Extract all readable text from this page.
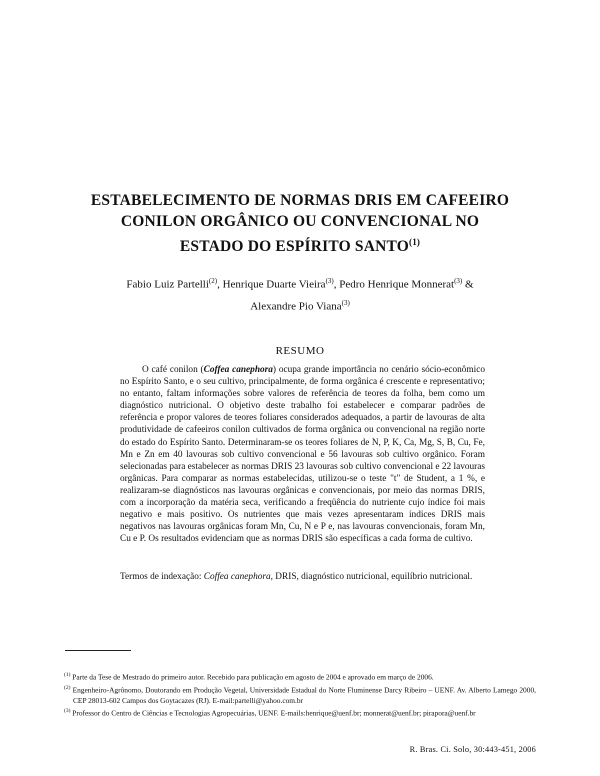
ESTABELECIMENTO DE NORMAS DRIS EM CAFEEIRO
CONILON ORGÂNICO OU CONVENCIONAL NO
ESTADO DO ESPÍRITO SANTO$^{(1)}$
Fabio Luiz Partelli$^{(2)}$, Henrique Duarte Vieira$^{(3)}$, Pedro Henrique Monnerat$^{(3)}$ & Alexandre Pio Viana$^{(3)}$
RESUMO

O café conilon (Coffea canephora) ocupa grande importância no cenário sócio-econômico no Espírito Santo, e o seu cultivo, principalmente, de forma orgânica é crescente e representativo; no entanto, faltam informações sobre valores de referência de teores da folha, bem como um diagnóstico nutricional. O objetivo deste trabalho foi estabelecer e comparar padrões de referência e propor valores de teores foliares considerados adequados, a partir de lavouras de alta produtividade de cafeeiros conilon cultivados de forma orgânica ou convencional na região norte do estado do Espírito Santo. Determinaram-se os teores foliares de N, P, K, Ca, Mg, S, B, Cu, Fe, Mn e Zn em 40 lavouras sob cultivo convencional e 56 lavouras sob cultivo orgânico. Foram selecionadas para estabelecer as normas DRIS 23 lavouras sob cultivo convencional e 22 lavouras orgânicas. Para comparar as normas estabelecidas, utilizou-se o teste "t" de Student, a 1 %, e realizaram-se diagnósticos nas lavouras orgânicas e convencionais, por meio das normas DRIS, com a incorporação da matéria seca, verificando a freqüência do nutriente cujo índice foi mais negativo e mais positivo. Os nutrientes que mais vezes apresentaram índices DRIS mais negativos nas lavouras orgânicas foram Mn, Cu, N e P e, nas lavouras convencionais, foram Mn, Cu e P. Os resultados evidenciam que as normas DRIS são específicas a cada forma de cultivo.

Termos de indexação: Coffea canephora, DRIS, diagnóstico nutricional, equilíbrio nutricional.

$^{(1)}$ Parte da Tese de Mestrado do primeiro autor. Recebido para publicação em agosto de 2004 e aprovado em março de 2006.
$^{(2)}$ Engenheiro-Agrônomo, Doutorando em Produção Vegetal, Universidade Estadual do Norte Fluminense Darcy Ribeiro – UENF. Av. Alberto Lamego 2000, CEP 28013-602 Campos dos Goytacazes (RJ). E-mail:partelli@yahoo.com.br
$^{(3)}$ Professor do Centro de Ciências e Tecnologias Agropecuárias, UENF. E-mails:henrique@uenf.br; monnerat@uenf.br; pirapora@uenf.br
R. Bras. Ci. Solo, 30:443-451, 2006
